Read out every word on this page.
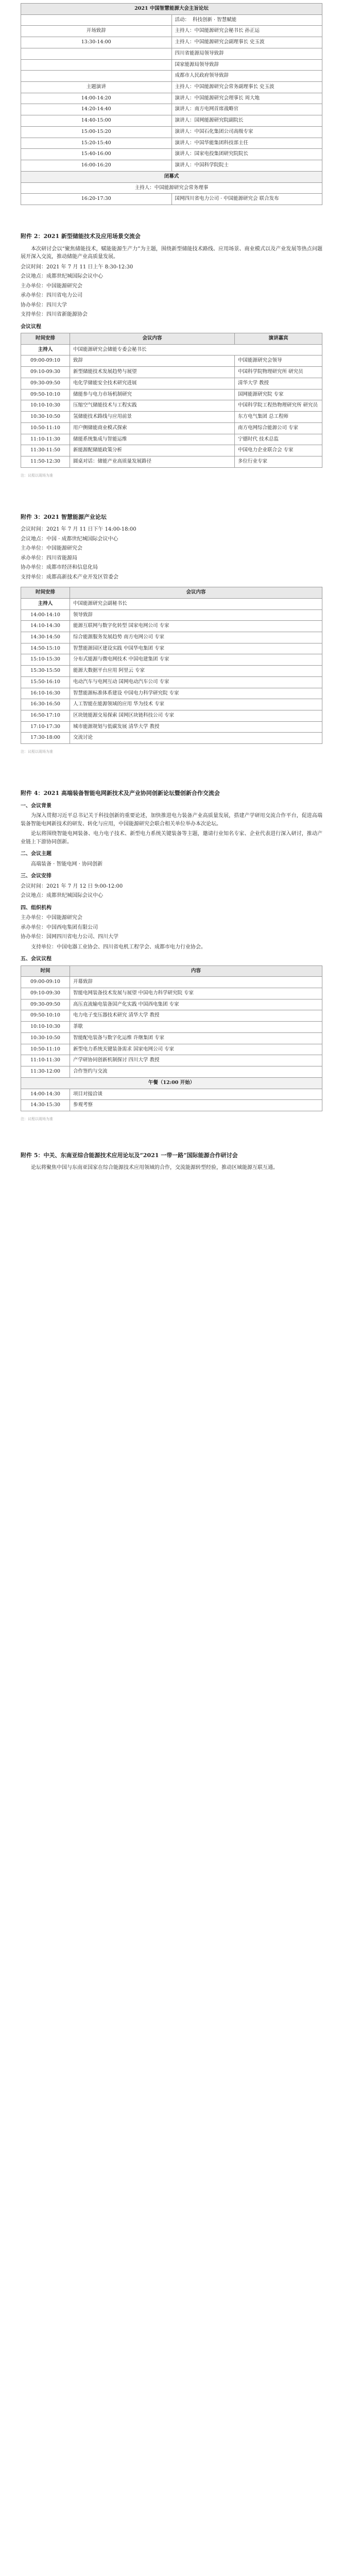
2021 中国智慧能源大会主旨论坛	
	活动： 科技创新 · 智慧赋能
开场致辞	主持人：中国能源研究会秘书长 孙正运
13:30-14:00	主持人：中国能源研究会副理事长 史玉波
	四川省能源局领导致辞
	国家能源局领导致辞
	成都市人民政府领导致辞
主题演讲	主持人：中国能源研究会常务副理事长 史玉波
14:00-14:20	演讲人：中国能源研究会理事长 周大地
14:20-14:40	演讲人：南方电网首席战略官
14:40-15:00	演讲人：国网能源研究院副院长
15:00-15:20	演讲人：中国石化集团公司高级专家
15:20-15:40	演讲人：中国华能集团科技部主任
15:40-16:00	演讲人：国家电投集团研究院院长
16:00-16:20	演讲人：中国科学院院士
闭幕式	
主持人：中国能源研究会常务理事	
16:20-17:30	国网四川省电力公司 · 中国能源研究会 联合发布
附件 2：2021 新型储能技术及应用场景交流会

本次研讨会以“聚焦储能技术，赋能能源生产力”为主题，围绕新型储能技术路线、应用场景、商业模式以及产业发展等热点问题展开深入交流，推动储能产业高质量发展。

会议时间：2021 年 7 月 11 日上午 8:30-12:30

会议地点：成都世纪城国际会议中心

主办单位：中国能源研究会

承办单位：四川省电力公司

协办单位：四川大学

支持单位：四川省新能源协会

会议议程
时间安排	会议内容	演讲嘉宾
主持人	中国能源研究会储能专委会秘书长	
09:00-09:10	致辞	中国能源研究会领导
09:10-09:30	新型储能技术发展趋势与展望	中国科学院物理研究所 研究员
09:30-09:50	电化学储能安全技术研究进展	清华大学 教授
09:50-10:10	储能参与电力市场机制研究	国网能源研究院 专家
10:10-10:30	压缩空气储能技术与工程实践	中国科学院工程热物理研究所 研究员
10:30-10:50	氢储能技术路线与应用前景	东方电气集团 总工程师
10:50-11:10	用户侧储能商业模式探索	南方电网综合能源公司 专家
11:10-11:30	储能系统集成与智能运维	宁德时代 技术总监
11:30-11:50	新能源配储能政策分析	中国电力企业联合会 专家
11:50-12:30	圆桌对话：储能产业高质量发展路径	多位行业专家
注：议程以现场为准
附件 3：2021 智慧能源产业论坛

会议时间：2021 年 7 月 11 日下午 14:00-18:00

会议地点：中国 · 成都世纪城国际会议中心

主办单位：中国能源研究会

承办单位：四川省能源局

协办单位：成都市经济和信息化局

支持单位：成都高新技术产业开发区管委会

时间安排	会议内容
主持人	中国能源研究会副秘书长
14:00-14:10	领导致辞
14:10-14:30	能源互联网与数字化转型 国家电网公司 专家
14:30-14:50	综合能源服务发展趋势 南方电网公司 专家
14:50-15:10	智慧能源园区建设实践 中国华电集团 专家
15:10-15:30	分布式能源与微电网技术 中国电建集团 专家
15:30-15:50	能源大数据平台应用 阿里云 专家
15:50-16:10	电动汽车与电网互动 国网电动汽车公司 专家
16:10-16:30	智慧能源标准体系建设 中国电力科学研究院 专家
16:30-16:50	人工智能在能源领域的应用 华为技术 专家
16:50-17:10	区块链能源交易探索 国网区块链科技公司 专家
17:10-17:30	城市能源规划与低碳发展 清华大学 教授
17:30-18:00	交流讨论
注：议程以现场为准
附件 4：2021 高端装备智能电网新技术及产业协同创新论坛暨创新合作交流会
一、会议背景

为深入贯彻习近平总书记关于科技创新的重要论述，加快推进电力装备产业高质量发展，搭建产学研用交流合作平台，促进高端装备智能电网新技术的研发、转化与应用，中国能源研究会联合相关单位举办本次论坛。

论坛将围绕智能电网装备、电力电子技术、新型电力系统关键装备等主题，邀请行业知名专家、企业代表进行深入研讨，推动产业链上下游协同创新。

二、会议主题

高端装备 · 智能电网 · 协同创新

三、会议安排

会议时间：2021 年 7 月 12 日 9:00-12:00

会议地点：成都世纪城国际会议中心

四、组织机构

主办单位：中国能源研究会

承办单位：中国西电集团有限公司

协办单位：国网四川省电力公司、四川大学

支持单位：中国电器工业协会、四川省电机工程学会、成都市电力行业协会。

五、会议议程
时间	内容
09:00-09:10	开幕致辞
09:10-09:30	智能电网装备技术发展与展望 中国电力科学研究院 专家
09:30-09:50	高压直流输电装备国产化实践 中国西电集团 专家
09:50-10:10	电力电子变压器技术研究 清华大学 教授
10:10-10:30	茶歇
10:30-10:50	智能配电装备与数字化运维 许继集团 专家
10:50-11:10	新型电力系统关键装备需求 国家电网公司 专家
11:10-11:30	产学研协同创新机制探讨 四川大学 教授
11:30-12:00	合作签约与交流
午餐（12:00 开始）	
14:00-14:30	项目对接洽谈
14:30-15:30	参观考察
注：议程以现场为准
附件 5：中关、东南亚综合能源技术应用论坛及“2021 一带一路”国际能源合作研讨会

论坛将聚焦中国与东南亚国家在综合能源技术应用领域的合作，交流能源转型经验，推动区域能源互联互通。
